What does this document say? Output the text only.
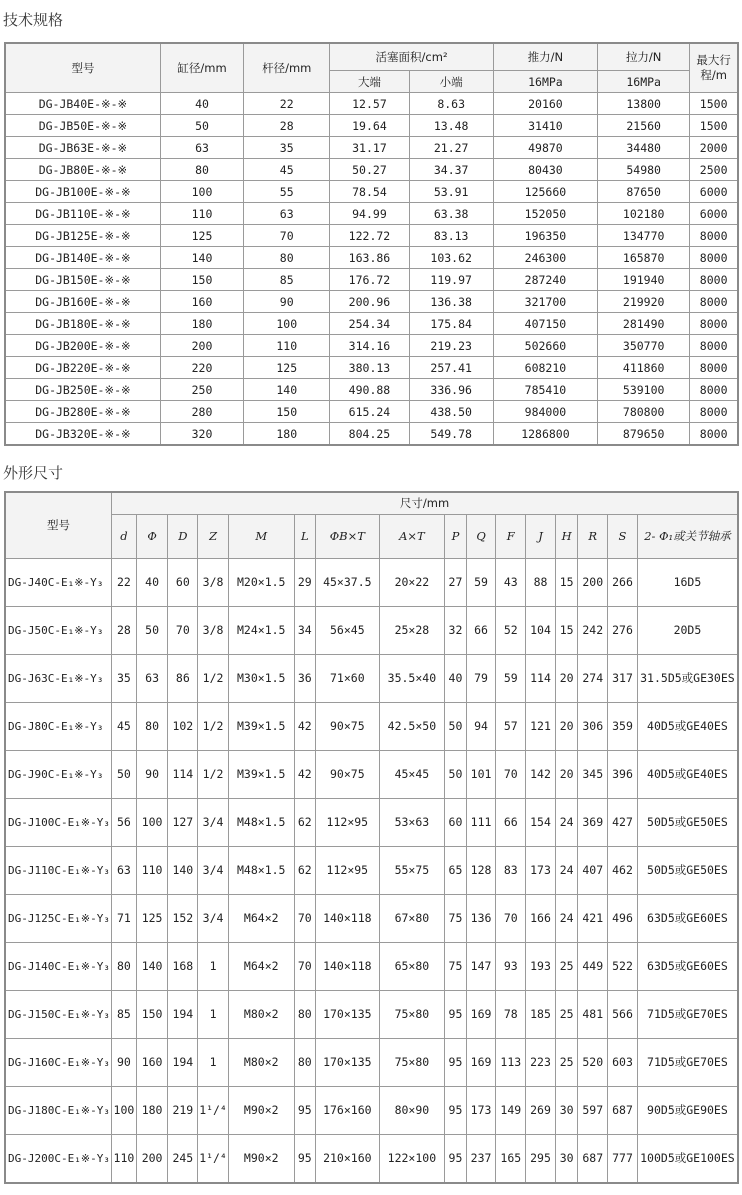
技术规格
型号	缸径/mm	杆径/mm	活塞面积/cm²		推力/N	拉力/N	最大行程/m
			大端	小端	16MPa	16MPa	
DG-JB40E-※-※	40	22	12.57	8.63	20160	13800	1500
DG-JB50E-※-※	50	28	19.64	13.48	31410	21560	1500
DG-JB63E-※-※	63	35	31.17	21.27	49870	34480	2000
DG-JB80E-※-※	80	45	50.27	34.37	80430	54980	2500
DG-JB100E-※-※	100	55	78.54	53.91	125660	87650	6000
DG-JB110E-※-※	110	63	94.99	63.38	152050	102180	6000
DG-JB125E-※-※	125	70	122.72	83.13	196350	134770	8000
DG-JB140E-※-※	140	80	163.86	103.62	246300	165870	8000
DG-JB150E-※-※	150	85	176.72	119.97	287240	191940	8000
DG-JB160E-※-※	160	90	200.96	136.38	321700	219920	8000
DG-JB180E-※-※	180	100	254.34	175.84	407150	281490	8000
DG-JB200E-※-※	200	110	314.16	219.23	502660	350770	8000
DG-JB220E-※-※	220	125	380.13	257.41	608210	411860	8000
DG-JB250E-※-※	250	140	490.88	336.96	785410	539100	8000
DG-JB280E-※-※	280	150	615.24	438.50	984000	780800	8000
DG-JB320E-※-※	320	180	804.25	549.78	1286800	879650	8000
外形尺寸
型号	尺寸/mm															
	d	Φ	D	Z	M	L	ΦB×T	A×T	P	Q	F	J	H	R	S	2- Φ₁或关节轴承
DG-J40C-E₁※-Y₃	22	40	60	3/8	M20×1.5	29	45×37.5	20×22	27	59	43	88	15	200	266	16D5
DG-J50C-E₁※-Y₃	28	50	70	3/8	M24×1.5	34	56×45	25×28	32	66	52	104	15	242	276	20D5
DG-J63C-E₁※-Y₃	35	63	86	1/2	M30×1.5	36	71×60	35.5×40	40	79	59	114	20	274	317	31.5D5或GE30ES
DG-J80C-E₁※-Y₃	45	80	102	1/2	M39×1.5	42	90×75	42.5×50	50	94	57	121	20	306	359	40D5或GE40ES
DG-J90C-E₁※-Y₃	50	90	114	1/2	M39×1.5	42	90×75	45×45	50	101	70	142	20	345	396	40D5或GE40ES
DG-J100C-E₁※-Y₃	56	100	127	3/4	M48×1.5	62	112×95	53×63	60	111	66	154	24	369	427	50D5或GE50ES
DG-J110C-E₁※-Y₃	63	110	140	3/4	M48×1.5	62	112×95	55×75	65	128	83	173	24	407	462	50D5或GE50ES
DG-J125C-E₁※-Y₃	71	125	152	3/4	M64×2	70	140×118	67×80	75	136	70	166	24	421	496	63D5或GE60ES
DG-J140C-E₁※-Y₃	80	140	168	1	M64×2	70	140×118	65×80	75	147	93	193	25	449	522	63D5或GE60ES
DG-J150C-E₁※-Y₃	85	150	194	1	M80×2	80	170×135	75×80	95	169	78	185	25	481	566	71D5或GE70ES
DG-J160C-E₁※-Y₃	90	160	194	1	M80×2	80	170×135	75×80	95	169	113	223	25	520	603	71D5或GE70ES
DG-J180C-E₁※-Y₃	100	180	219	1¹/⁴	M90×2	95	176×160	80×90	95	173	149	269	30	597	687	90D5或GE90ES
DG-J200C-E₁※-Y₃	110	200	245	1¹/⁴	M90×2	95	210×160	122×100	95	237	165	295	30	687	777	100D5或GE100ES
